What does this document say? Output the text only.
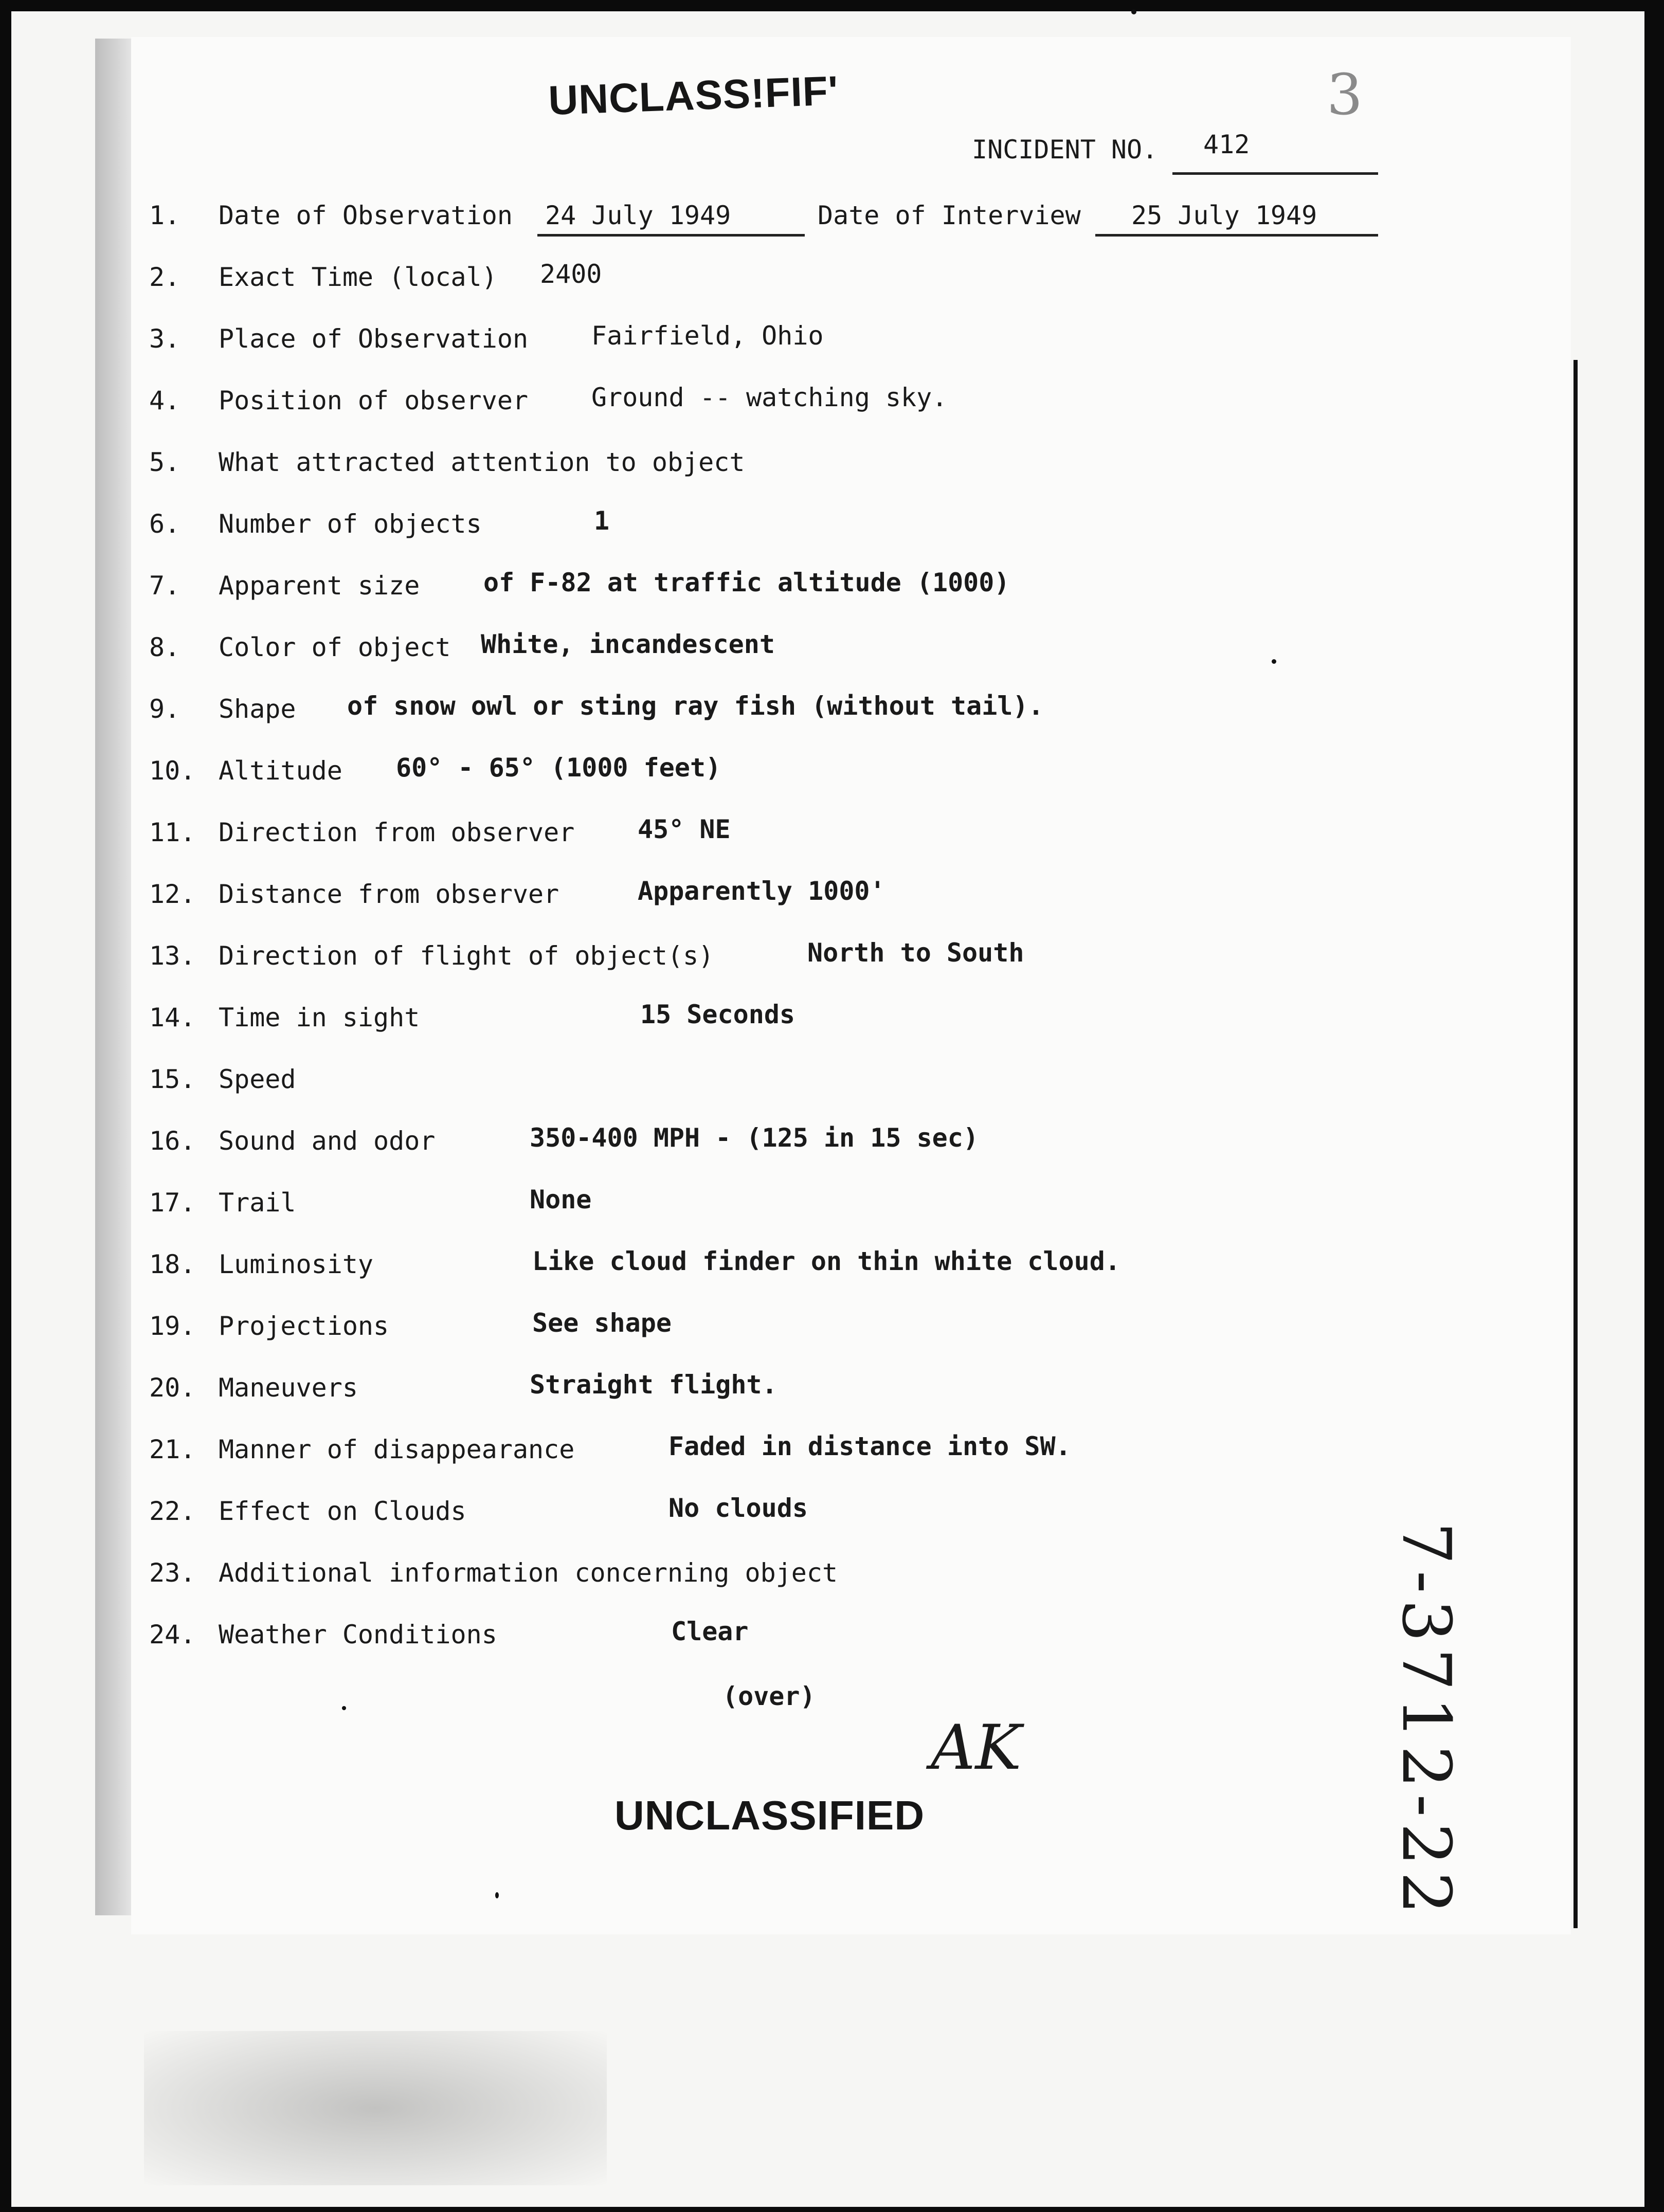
UNCLASS!FIF'	3
INCIDENT NO. 412
1. Date of Observation 24 July 1949	Date of Interview 25 July 1949
2. Exact Time (local) 2400
3. Place of Observation Fairfield, Ohio
4. Position of observer Ground -- watching sky.
5. What attracted attention to object
6. Number of objects	1
7. Apparent size of F-82 at traffic altitude (1000)
8. Color of object White, incandescent
9. Shape of snow owl or sting ray fish (without tail).
10. Altitude 60° - 65° (1000 feet)
11. Direction from observer 45° NE
12. Distance from observer	Apparently 1000'
13. Direction of flight of object(s)	North to South
14. Time in sight	15 Seconds
15. Speed
16. Sound and odor	350-400 MPH - (125 in 15 sec)
17. Trail	None
18. Luminosity	Like cloud finder on thin white cloud.
19. Projections	See shape
20. Maneuvers	Straight flight.
21. Manner of disappearance	Faded in distance into SW.
22. Effect on Clouds	No clouds
23. Additional information concerning object
24. Weather Conditions	Clear
(over)
AK
UNCLASSIFIED	7-3712-22
